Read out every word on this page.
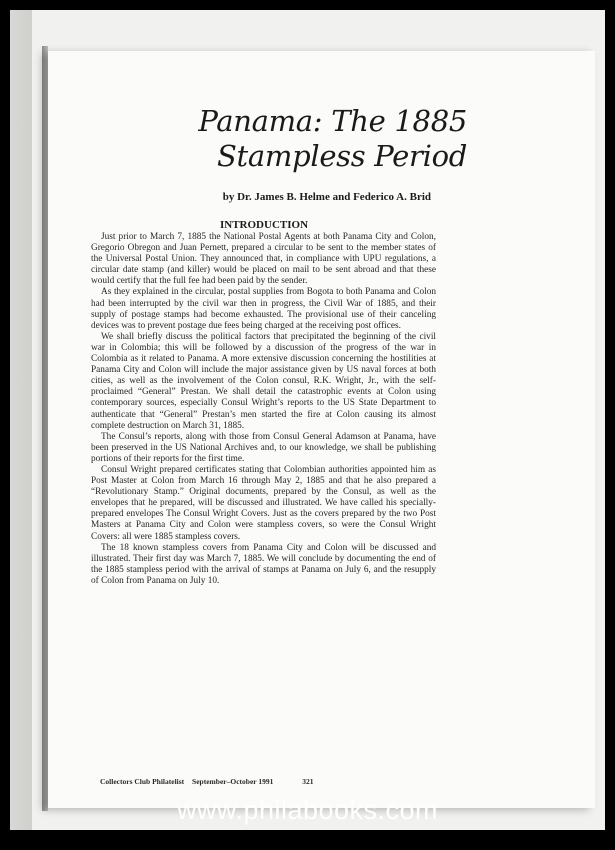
Panama: The 1885
Stampless Period
by Dr. James B. Helme and Federico A. Brid
INTRODUCTION

Just prior to March 7, 1885 the National Postal Agents at both Panama City and Colon, Gregorio Obregon and Juan Pernett, prepared a circular to be sent to the member states of the Universal Postal Union. They announced that, in compliance with UPU regulations, a circular date stamp (and killer) would be placed on mail to be sent abroad and that these would certify that the full fee had been paid by the sender.

As they explained in the circular, postal supplies from Bogota to both Panama and Colon had been interrupted by the civil war then in progress, the Civil War of 1885, and their supply of postage stamps had become exhausted. The provisional use of their canceling devices was to prevent postage due fees being charged at the receiving post offices.

We shall briefly discuss the political factors that precipitated the beginning of the civil war in Colombia; this will be followed by a discussion of the progress of the war in Colombia as it related to Panama. A more extensive discussion concerning the hostilities at Panama City and Colon will include the major assistance given by US naval forces at both cities, as well as the involvement of the Colon consul, R.K. Wright, Jr., with the self-proclaimed “General” Prestan. We shall detail the catastrophic events at Colon using contemporary sources, especially Consul Wright’s reports to the US State Department to authenticate that “General” Prestan’s men started the fire at Colon causing its almost complete destruction on March 31, 1885.

The Consul’s reports, along with those from Consul General Adamson at Panama, have been preserved in the US National Archives and, to our knowledge, we shall be publishing portions of their reports for the first time.

Consul Wright prepared certificates stating that Colombian authorities appointed him as Post Master at Colon from March 16 through May 2, 1885 and that he also prepared a “Revolutionary Stamp.” Original documents, prepared by the Consul, as well as the envelopes that he prepared, will be discussed and illustrated. We have called his specially-prepared envelopes The Consul Wright Covers. Just as the covers prepared by the two Post Masters at Panama City and Colon were stampless covers, so were the Consul Wright Covers: all were 1885 stampless covers.

The 18 known stampless covers from Panama City and Colon will be discussed and illustrated. Their first day was March 7, 1885. We will conclude by documenting the end of the 1885 stampless period with the arrival of stamps at Panama on July 6, and the resupply of Colon from Panama on July 10.

Collectors Club Philatelist September–October 1991	321
www.philabooks.com
